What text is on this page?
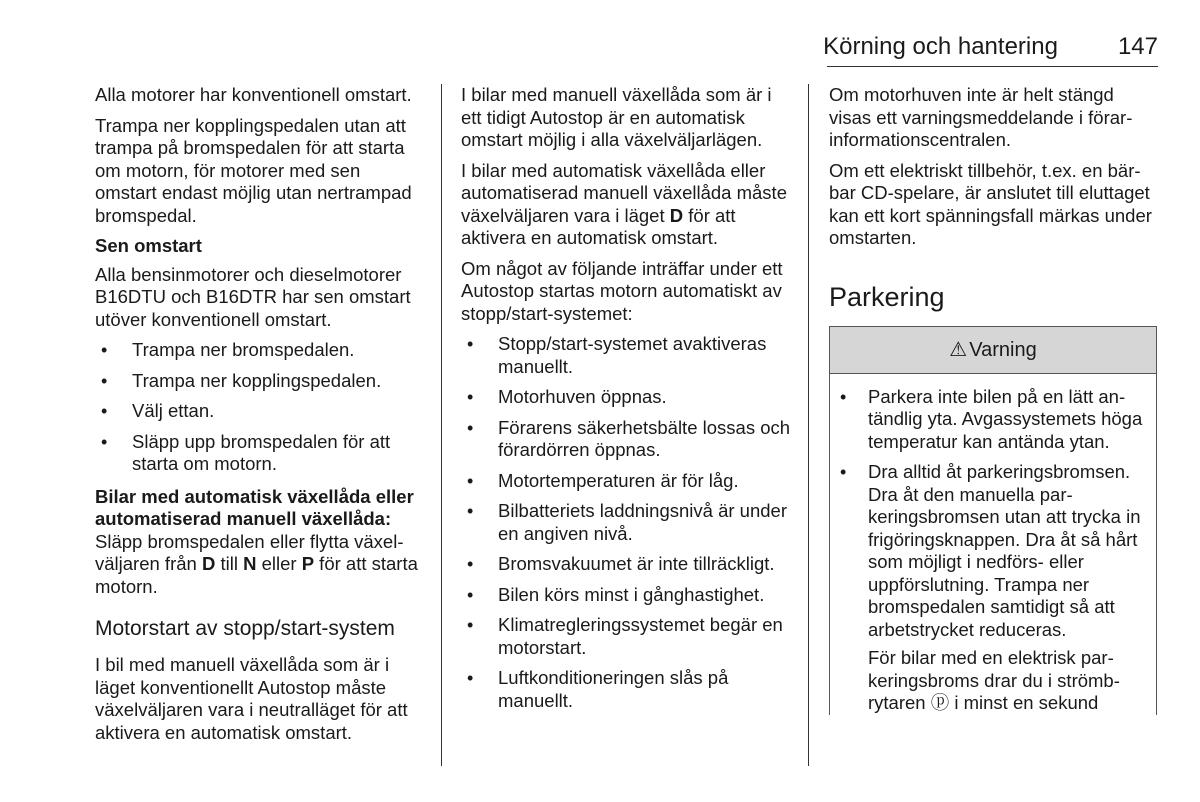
Körning och hantering	147

Alla motorer har konventionell omstart.

Trampa ner kopplingspedalen utan att trampa på bromspedalen för att starta om motorn, för motorer med sen omstart endast möjlig utan nertrampad bromspedal.

Sen omstart

Alla bensinmotorer och dieselmotorer B16DTU och B16DTR har sen omstart utöver konventionell omstart.

• Trampa ner bromspedalen.
• Trampa ner kopplingspedalen.
• Välj ettan.
• Släpp upp bromspedalen för att starta om motorn.

Bilar med automatisk växellåda eller automatiserad manuell växellåda: Släpp bromspedalen eller flytta växelväljaren från D till N eller P för att starta motorn.

Motorstart av stopp/start-system

I bil med manuell växellåda som är i läget konventionellt Autostop måste växelväljaren vara i neutralläget för att aktivera en automatisk omstart.

I bilar med manuell växellåda som är i ett tidigt Autostop är en automatisk omstart möjlig i alla växelväljarlägen.

I bilar med automatisk växellåda eller automatiserad manuell växellåda måste växelväljaren vara i läget D för att aktivera en automatisk omstart.

Om något av följande inträffar under ett Autostop startas motorn automatiskt av stopp/start-systemet:

• Stopp/start-systemet avaktiveras manuellt.
• Motorhuven öppnas.
• Förarens säkerhetsbälte lossas och förardörren öppnas.
• Motortemperaturen är för låg.
• Bilbatteriets laddningsnivå är under en angiven nivå.
• Bromsvakuumet är inte tillräckligt.
• Bilen körs minst i gånghastighet.
• Klimatregleringssystemet begär en motorstart.
• Luftkonditioneringen slås på manuellt.

Om motorhuven inte är helt stängd visas ett varningsmeddelande i förarinformationscentralen.

Om ett elektriskt tillbehör, t.ex. en bärbar CD-spelare, är anslutet till eluttaget kan ett kort spänningsfall märkas under omstarten.

Parkering
⚠ Varning
• Parkera inte bilen på en lätt antändlig yta. Avgassystemets höga temperatur kan antända ytan.
• Dra alltid åt parkeringsbromsen. Dra åt den manuella parkeringsbromsen utan att trycka in frigöringsknappen. Dra åt så hårt som möjligt i nedförs- eller uppförslutning. Trampa ner bromspedalen samtidigt så att arbetstrycket reduceras.
För bilar med en elektrisk parkeringsbroms drar du i strömbrytaren ⓟ i minst en sekund
